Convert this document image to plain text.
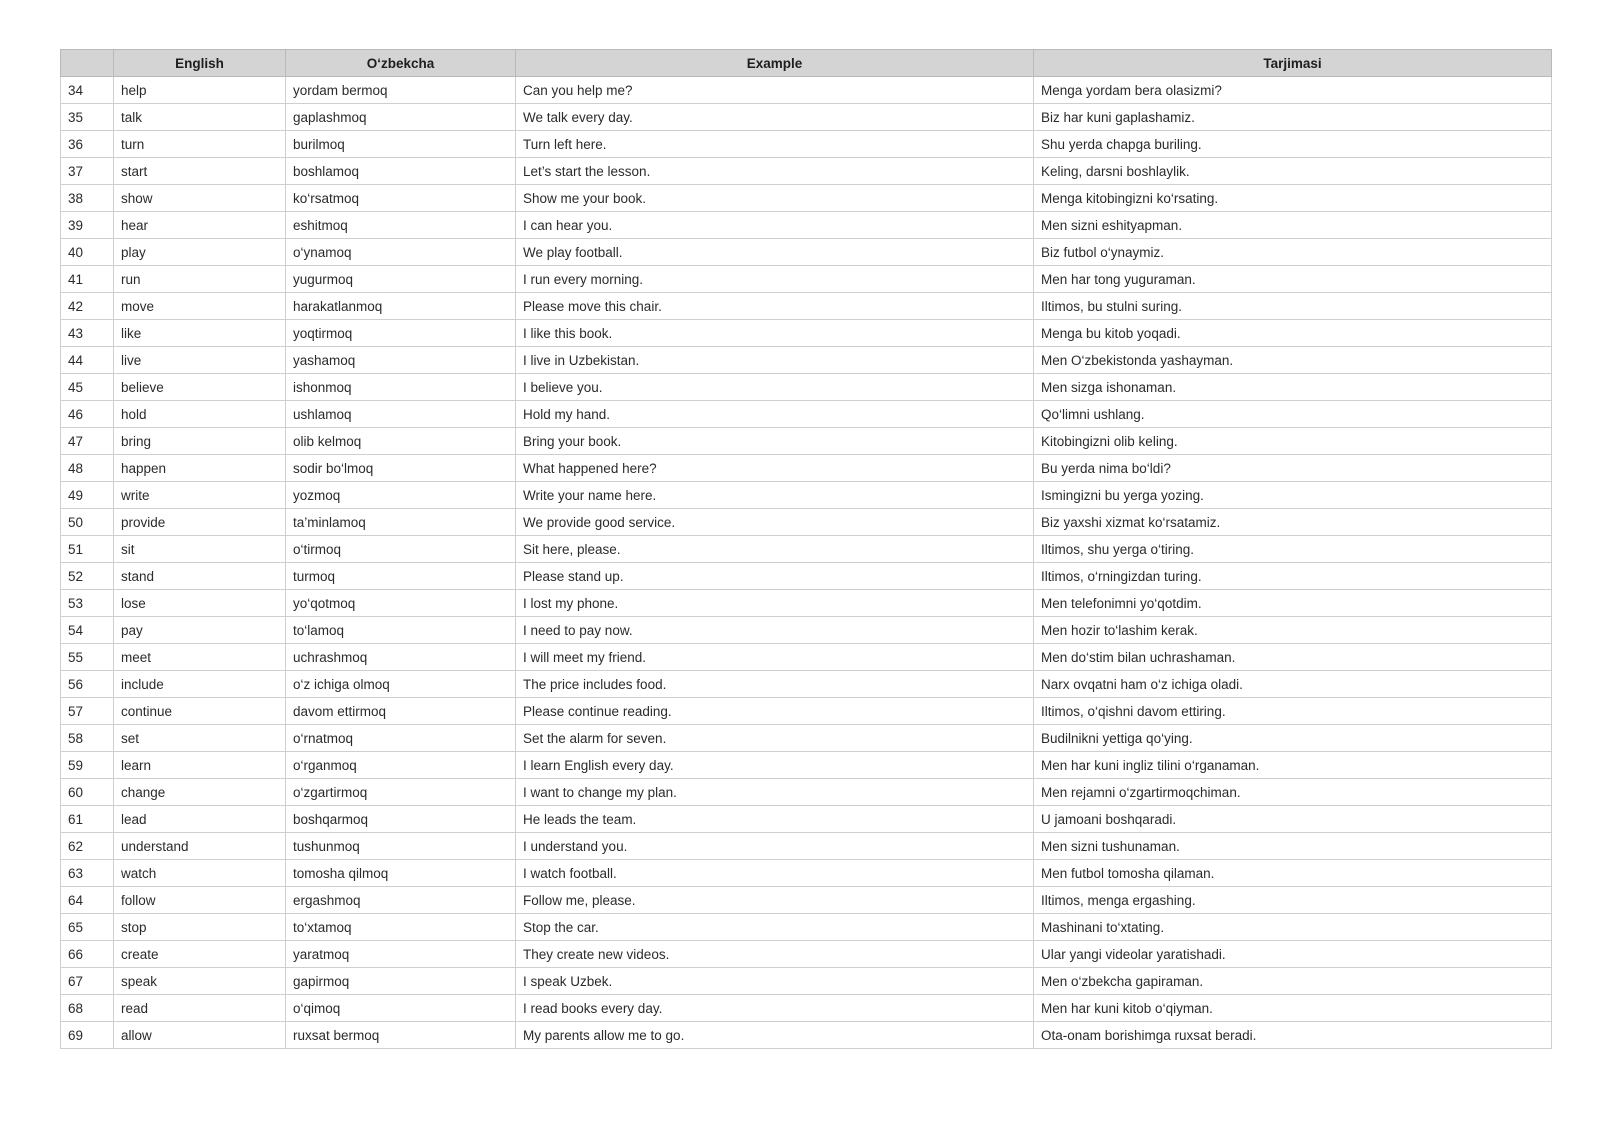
	English	O‘zbekcha	Example	Tarjimasi
34	help	yordam bermoq	Can you help me?	Menga yordam bera olasizmi?
35	talk	gaplashmoq	We talk every day.	Biz har kuni gaplashamiz.
36	turn	burilmoq	Turn left here.	Shu yerda chapga buriling.
37	start	boshlamoq	Let’s start the lesson.	Keling, darsni boshlaylik.
38	show	ko‘rsatmoq	Show me your book.	Menga kitobingizni ko‘rsating.
39	hear	eshitmoq	I can hear you.	Men sizni eshityapman.
40	play	o‘ynamoq	We play football.	Biz futbol o‘ynaymiz.
41	run	yugurmoq	I run every morning.	Men har tong yuguraman.
42	move	harakatlanmoq	Please move this chair.	Iltimos, bu stulni suring.
43	like	yoqtirmoq	I like this book.	Menga bu kitob yoqadi.
44	live	yashamoq	I live in Uzbekistan.	Men O‘zbekistonda yashayman.
45	believe	ishonmoq	I believe you.	Men sizga ishonaman.
46	hold	ushlamoq	Hold my hand.	Qo‘limni ushlang.
47	bring	olib kelmoq	Bring your book.	Kitobingizni olib keling.
48	happen	sodir bo‘lmoq	What happened here?	Bu yerda nima bo‘ldi?
49	write	yozmoq	Write your name here.	Ismingizni bu yerga yozing.
50	provide	ta’minlamoq	We provide good service.	Biz yaxshi xizmat ko‘rsatamiz.
51	sit	o‘tirmoq	Sit here, please.	Iltimos, shu yerga o‘tiring.
52	stand	turmoq	Please stand up.	Iltimos, o‘rningizdan turing.
53	lose	yo‘qotmoq	I lost my phone.	Men telefonimni yo‘qotdim.
54	pay	to‘lamoq	I need to pay now.	Men hozir to‘lashim kerak.
55	meet	uchrashmoq	I will meet my friend.	Men do‘stim bilan uchrashaman.
56	include	o‘z ichiga olmoq	The price includes food.	Narx ovqatni ham o‘z ichiga oladi.
57	continue	davom ettirmoq	Please continue reading.	Iltimos, o‘qishni davom ettiring.
58	set	o‘rnatmoq	Set the alarm for seven.	Budilnikni yettiga qo‘ying.
59	learn	o‘rganmoq	I learn English every day.	Men har kuni ingliz tilini o‘rganaman.
60	change	o‘zgartirmoq	I want to change my plan.	Men rejamni o‘zgartirmoqchiman.
61	lead	boshqarmoq	He leads the team.	U jamoani boshqaradi.
62	understand	tushunmoq	I understand you.	Men sizni tushunaman.
63	watch	tomosha qilmoq	I watch football.	Men futbol tomosha qilaman.
64	follow	ergashmoq	Follow me, please.	Iltimos, menga ergashing.
65	stop	to‘xtamoq	Stop the car.	Mashinani to‘xtating.
66	create	yaratmoq	They create new videos.	Ular yangi videolar yaratishadi.
67	speak	gapirmoq	I speak Uzbek.	Men o‘zbekcha gapiraman.
68	read	o‘qimoq	I read books every day.	Men har kuni kitob o‘qiyman.
69	allow	ruxsat bermoq	My parents allow me to go.	Ota-onam borishimga ruxsat beradi.
